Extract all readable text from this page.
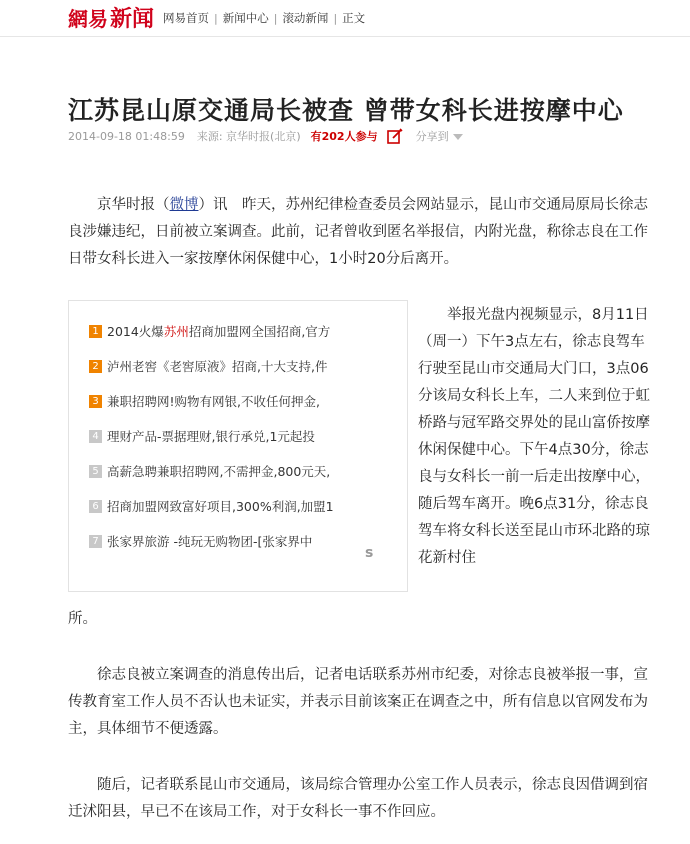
網易 新闻 网易首页 | 新闻中心 | 滚动新闻 | 正文
江苏昆山原交通局长被查 曾带女科长进按摩中心
2014-09-18 01:48:59 来源: 京华时报(北京) 有202人参与	分享到

京华时报（微博）讯　昨天，苏州纪律检查委员会网站显示，昆山市交通局原局长徐志良涉嫌违纪，日前被立案调查。此前，记者曾收到匿名举报信，内附光盘，称徐志良在工作日带女科长进入一家按摩休闲保健中心，1小时20分后离开。

1 2014火爆苏州招商加盟网全国招商,官方
2 泸州老窖《老窖原液》招商,十大支持,件
3 兼职招聘网!购物有网银,不收任何押金,
4 理财产品-票据理财,银行承兑,1元起投
5 高薪急聘兼职招聘网,不需押金,800元天,
6 招商加盟网致富好项目,300%利润,加盟1
7 张家界旅游 -纯玩无购物团-[张家界中
s

举报光盘内视频显示，8月11日（周一）下午3点左右，徐志良驾车行驶至昆山市交通局大门口，3点06分该局女科长上车，二人来到位于虹桥路与冠军路交界处的昆山富侨按摩休闲保健中心。下午4点30分，徐志良与女科长一前一后走出按摩中心，随后驾车离开。晚6点31分，徐志良驾车将女科长送至昆山市环北路的琼花新村住

所。

徐志良被立案调查的消息传出后，记者电话联系苏州市纪委，对徐志良被举报一事，宣传教育室工作人员不否认也未证实，并表示目前该案正在调查之中，所有信息以官网发布为主，具体细节不便透露。

随后，记者联系昆山市交通局，该局综合管理办公室工作人员表示，徐志良因借调到宿迁沭阳县，早已不在该局工作，对于女科长一事不作回应。
